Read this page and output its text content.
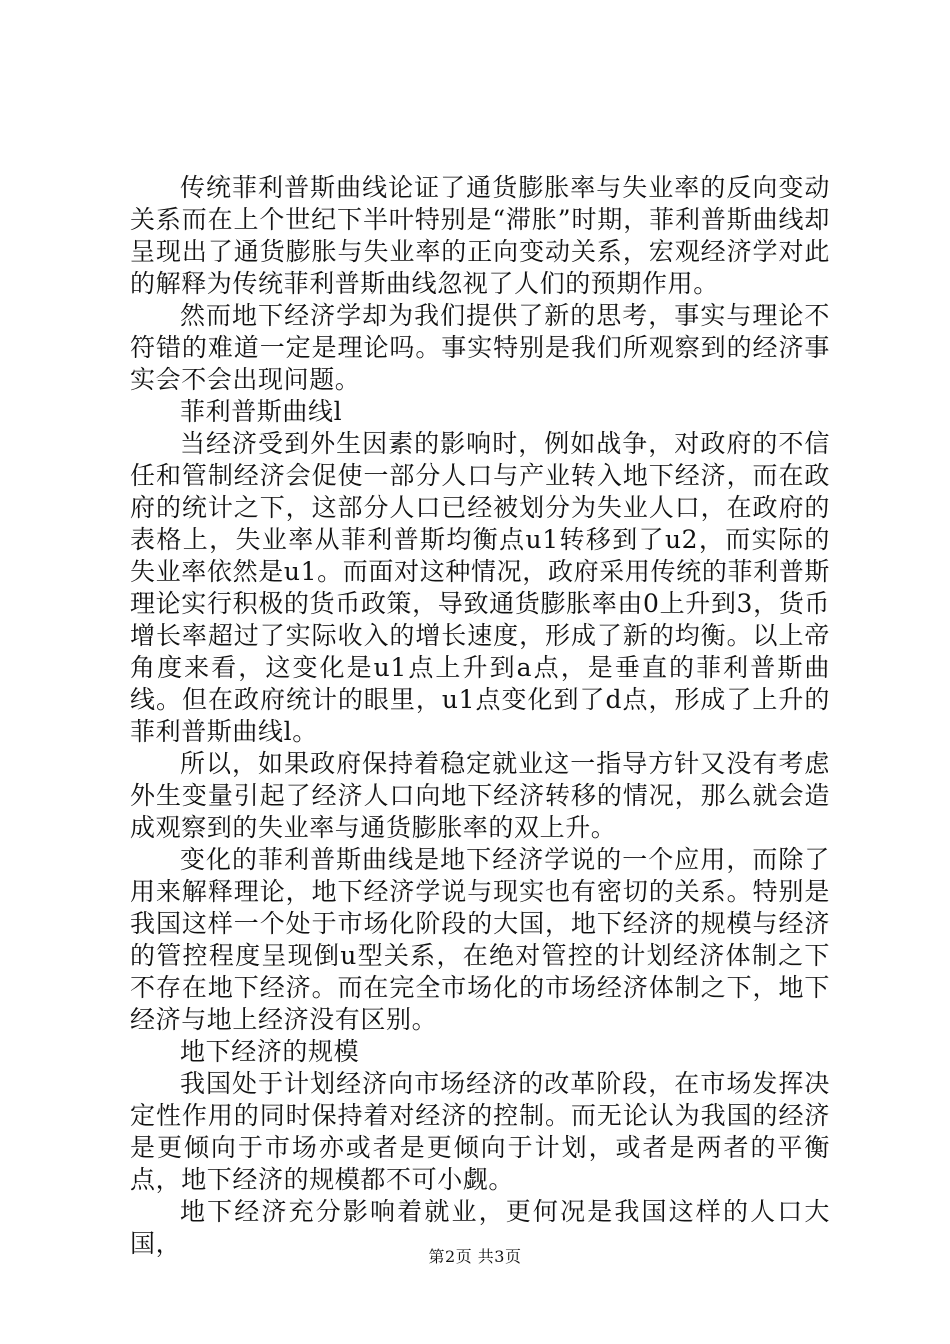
传统菲利普斯曲线论证了通货膨胀率与失业率的反向变动关系而在上个世纪下半叶特别是“滞胀”时期，菲利普斯曲线却呈现出了通货膨胀与失业率的正向变动关系，宏观经济学对此的解释为传统菲利普斯曲线忽视了人们的预期作用。

然而地下经济学却为我们提供了新的思考，事实与理论不符错的难道一定是理论吗。事实特别是我们所观察到的经济事实会不会出现问题。

菲利普斯曲线l

当经济受到外生因素的影响时，例如战争，对政府的不信任和管制经济会促使一部分人口与产业转入地下经济，而在政府的统计之下，这部分人口已经被划分为失业人口，在政府的表格上，失业率从菲利普斯均衡点u1转移到了u2，而实际的失业率依然是u1。而面对这种情况，政府采用传统的菲利普斯理论实行积极的货币政策，导致通货膨胀率由0上升到3，货币增长率超过了实际收入的增长速度，形成了新的均衡。以上帝角度来看，这变化是u1点上升到a点，是垂直的菲利普斯曲线。但在政府统计的眼里，u1点变化到了d点，形成了上升的菲利普斯曲线l。

所以，如果政府保持着稳定就业这一指导方针又没有考虑外生变量引起了经济人口向地下经济转移的情况，那么就会造成观察到的失业率与通货膨胀率的双上升。

变化的菲利普斯曲线是地下经济学说的一个应用，而除了用来解释理论，地下经济学说与现实也有密切的关系。特别是我国这样一个处于市场化阶段的大国，地下经济的规模与经济的管控程度呈现倒u型关系，在绝对管控的计划经济体制之下不存在地下经济。而在完全市场化的市场经济体制之下，地下经济与地上经济没有区别。

地下经济的规模

我国处于计划经济向市场经济的改革阶段，在市场发挥决定性作用的同时保持着对经济的控制。而无论认为我国的经济是更倾向于市场亦或者是更倾向于计划，或者是两者的平衡点，地下经济的规模都不可小觑。

地下经济充分影响着就业，更何况是我国这样的人口大国，	第2页 共3页
